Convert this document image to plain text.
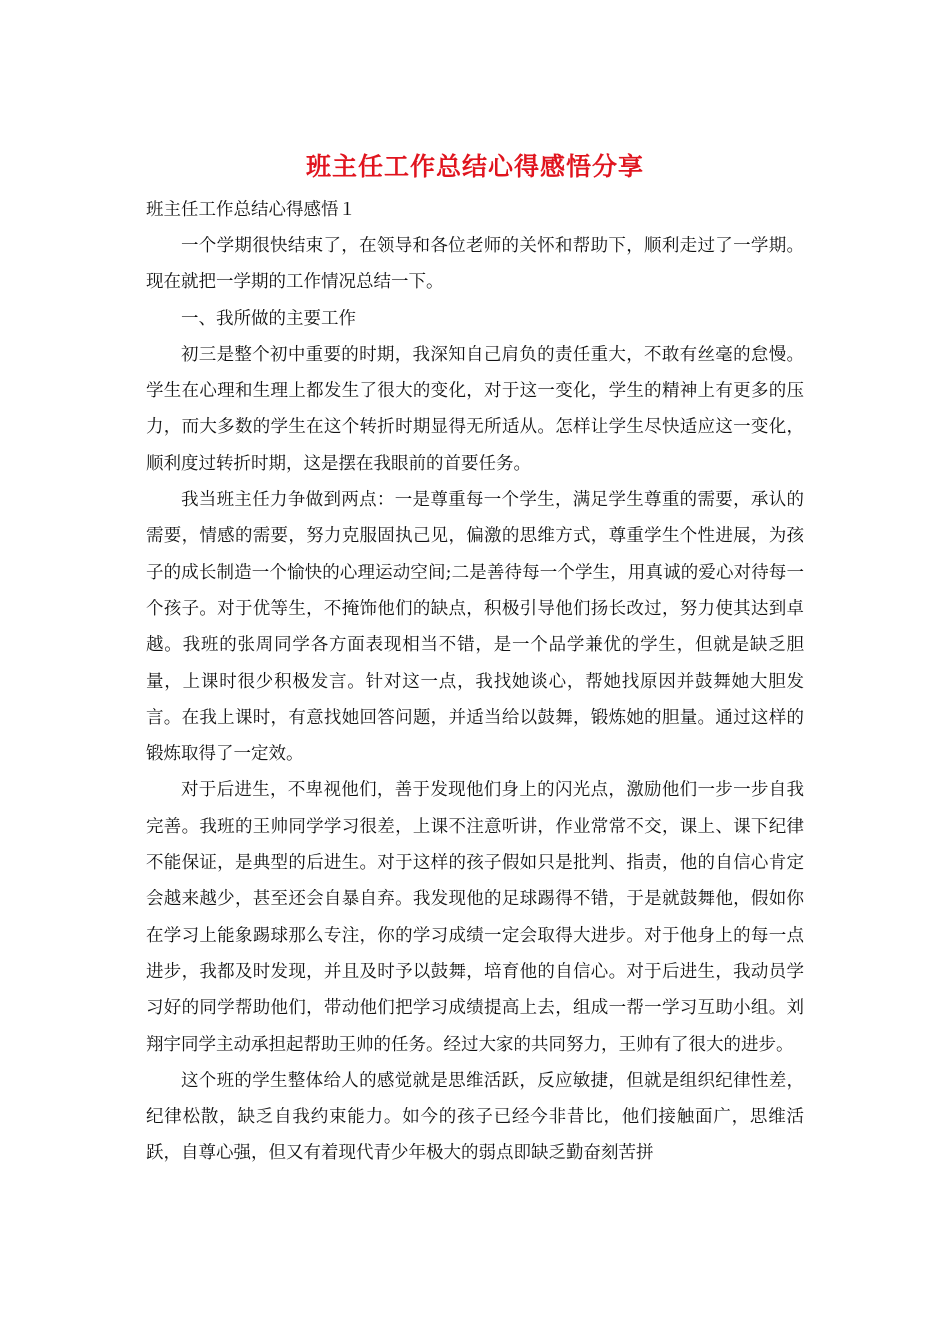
班主任工作总结心得感悟分享

班主任工作总结心得感悟１

一个学期很快结束了，在领导和各位老师的关怀和帮助下，顺利走过了一学期。现在就把一学期的工作情况总结一下。

一、我所做的主要工作

初三是整个初中重要的时期，我深知自己肩负的责任重大，不敢有丝毫的怠慢。学生在心理和生理上都发生了很大的变化，对于这一变化，学生的精神上有更多的压力，而大多数的学生在这个转折时期显得无所适从。怎样让学生尽快适应这一变化，顺利度过转折时期，这是摆在我眼前的首要任务。

我当班主任力争做到两点：一是尊重每一个学生，满足学生尊重的需要，承认的需要，情感的需要，努力克服固执己见，偏激的思维方式，尊重学生个性进展，为孩子的成长制造一个愉快的心理运动空间;二是善待每一个学生，用真诚的爱心对待每一个孩子。对于优等生，不掩饰他们的缺点，积极引导他们扬长改过，努力使其达到卓越。我班的张周同学各方面表现相当不错，是一个品学兼优的学生，但就是缺乏胆量，上课时很少积极发言。针对这一点，我找她谈心，帮她找原因并鼓舞她大胆发言。在我上课时，有意找她回答问题，并适当给以鼓舞，锻炼她的胆量。通过这样的锻炼取得了一定效。

对于后进生，不卑视他们，善于发现他们身上的闪光点，激励他们一步一步自我完善。我班的王帅同学学习很差，上课不注意听讲，作业常常不交，课上、课下纪律不能保证，是典型的后进生。对于这样的孩子假如只是批判、指责，他的自信心肯定会越来越少，甚至还会自暴自弃。我发现他的足球踢得不错，于是就鼓舞他，假如你在学习上能象踢球那么专注，你的学习成绩一定会取得大进步。对于他身上的每一点进步，我都及时发现，并且及时予以鼓舞，培育他的自信心。对于后进生，我动员学习好的同学帮助他们，带动他们把学习成绩提高上去，组成一帮一学习互助小组。刘翔宇同学主动承担起帮助王帅的任务。经过大家的共同努力，王帅有了很大的进步。

这个班的学生整体给人的感觉就是思维活跃，反应敏捷，但就是组织纪律性差，纪律松散，缺乏自我约束能力。如今的孩子已经今非昔比，他们接触面广，思维活跃，自尊心强，但又有着现代青少年极大的弱点即缺乏勤奋刻苦拼
